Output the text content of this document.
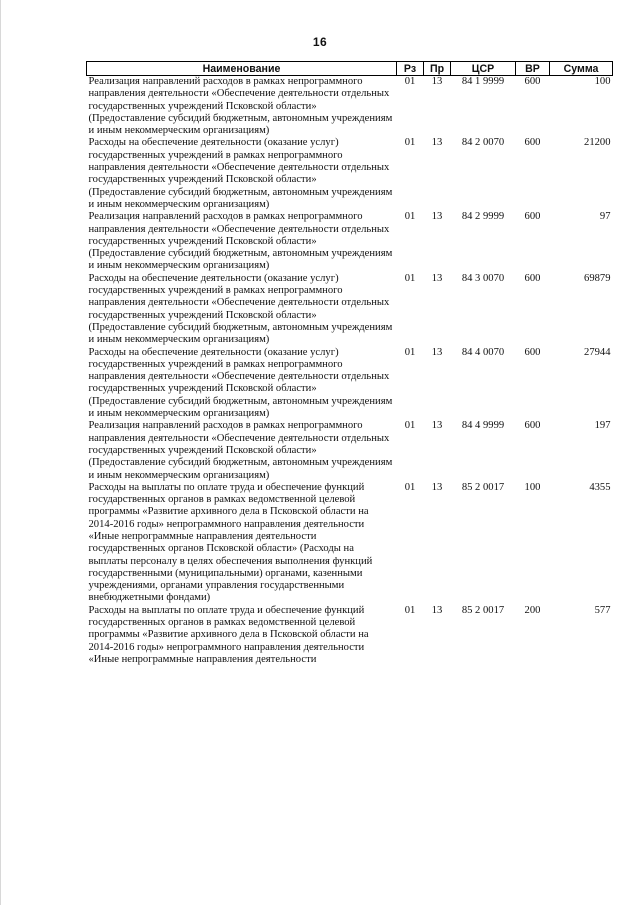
16
Наименование	Рз	Пр	ЦСР	ВР	Сумма
Реализация направлений расходов в рамках непрограммного направления деятельности «Обеспечение деятельности отдельных государственных учреждений Псковской области» (Предоставление субсидий бюджетным, автономным учреждениям и иным некоммерческим организациям)	01	13	84 1 9999	600	100
Расходы на обеспечение деятельности (оказание услуг) государственных учреждений в рамках непрограммного направления деятельности «Обеспечение деятельности отдельных государственных учреждений Псковской области» (Предоставление субсидий бюджетным, автономным учреждениям и иным некоммерческим организациям)	01	13	84 2 0070	600	21200
Реализация направлений расходов в рамках непрограммного направления деятельности «Обеспечение деятельности отдельных государственных учреждений Псковской области» (Предоставление субсидий бюджетным, автономным учреждениям и иным некоммерческим организациям)	01	13	84 2 9999	600	97
Расходы на обеспечение деятельности (оказание услуг) государственных учреждений в рамках непрограммного направления деятельности «Обеспечение деятельности отдельных государственных учреждений Псковской области» (Предоставление субсидий бюджетным, автономным учреждениям и иным некоммерческим организациям)	01	13	84 3 0070	600	69879
Расходы на обеспечение деятельности (оказание услуг) государственных учреждений в рамках непрограммного направления деятельности «Обеспечение деятельности отдельных государственных учреждений Псковской области» (Предоставление субсидий бюджетным, автономным учреждениям и иным некоммерческим организациям)	01	13	84 4 0070	600	27944
Реализация направлений расходов в рамках непрограммного направления деятельности «Обеспечение деятельности отдельных государственных учреждений Псковской области» (Предоставление субсидий бюджетным, автономным учреждениям и иным некоммерческим организациям)	01	13	84 4 9999	600	197
Расходы на выплаты по оплате труда и обеспечение функций государственных органов в рамках ведомственной целевой программы «Развитие архивного дела в Псковской области на 2014-2016 годы» непрограммного направления деятельности «Иные непрограммные направления деятельности государственных органов Псковской области» (Расходы на выплаты персоналу в целях обеспечения выполнения функций государственными (муниципальными) органами, казенными учреждениями, органами управления государственными внебюджетными фондами)	01	13	85 2 0017	100	4355
Расходы на выплаты по оплате труда и обеспечение функций государственных органов в рамках ведомственной целевой программы «Развитие архивного дела в Псковской области на 2014-2016 годы» непрограммного направления деятельности «Иные непрограммные направления деятельности	01	13	85 2 0017	200	577
